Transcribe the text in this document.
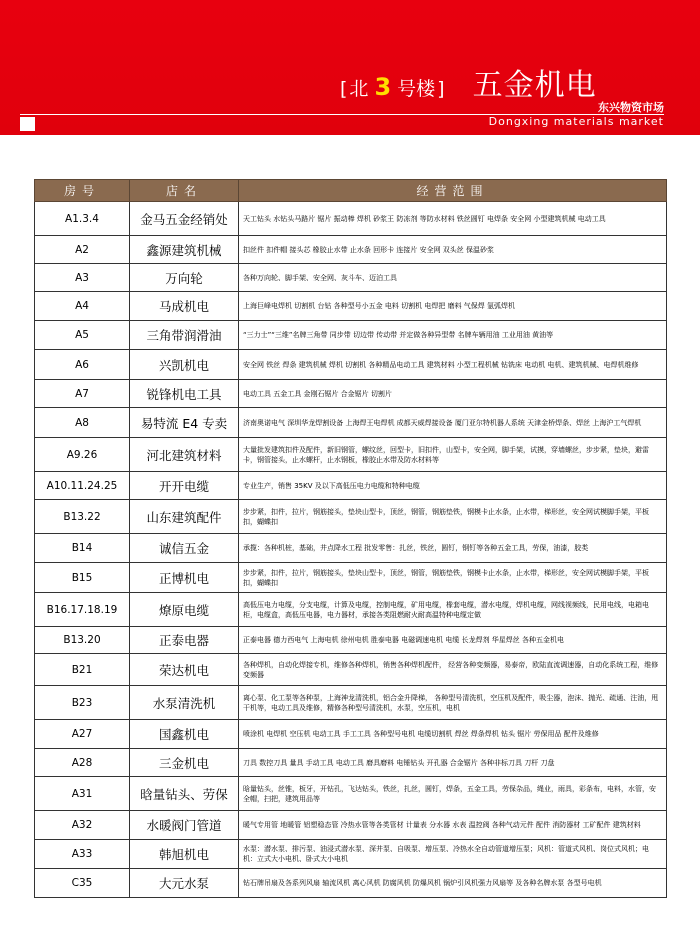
[ 北 3 号楼 ] 五金机电
东兴物资市场
Dongxing materials market
房号	店名	经营范围
A1.3.4	金马五金经销处	天工钻头 水钻头马路片 锯片 振动棒 焊机 砂浆王 防冻剂 等防水材料 铁丝圆钉 电焊条 安全网 小型建筑机械 电动工具
A2	鑫源建筑机械	扣丝件 扣件帽 接头芯 橡胶止水带 止水条 回形卡 连接片 安全网 双头丝 保温砂浆
A3	万向轮	各种万向轮、脚手架、安全网、灰斗车、迈泊工具
A4	马成机电	上海巨峰电焊机 切割机 台钻 各种型号小五金 电料 切割机 电焊把 磨料 气保焊 氩弧焊机
A5	三角带润滑油	“三力士”“三维”名牌三角带 同步带 切边带 传动带 并定做各种异型带 名牌车辆用油 工业用油 黄油等
A6	兴凯机电	安全网 铁丝 焊条 建筑机械 焊机 切割机 各种精品电动工具 建筑材料 小型工程机械 钻铣床 电动机 电机、建筑机械、电焊机维修
A7	锐锋机电工具	电动工具 五金工具 金刚石锯片 合金锯片 切割片
A8	易特流 E4 专卖	济南奥诺电气 深圳华龙焊割设备 上海焊王电焊机 成都天威焊接设备 厦门亚尔特机器人系统 天津金桥焊条、焊丝 上海沪工气焊机
A9.26	河北建筑材料	大量批发建筑扣件及配件，新旧钢管，螺纹丝，回型卡，旧扣件，山型卡，安全网，脚手架，试摸，穿墙螺丝，步步紧，垫块，避雷卡，钢管接头，止水螺杆，止水钢板，橡胶止水带及防水材料等
A10.11.24.25	开开电缆	专业生产，销售 35KV 及以下高低压电力电缆和特种电缆
B13.22	山东建筑配件	步步紧，扣件，拉片，钢筋接头，垫块山型卡，顶丝，钢管，钢筋垫铁，钢模卡止水条，止水带，梯形丝，安全网试模脚手架，平板扣，蝴蝶扣
B14	诚信五金	承揽：各种机桩，基础，井点降水工程 批发零售：扎丝，铁丝，圆钉，钢钉等各种五金工具，劳保，油漆，胶类
B15	正博机电	步步紧，扣件，拉片，钢筋接头，垫块山型卡，顶丝，钢管，钢筋垫铁，钢模卡止水条，止水带，梯形丝，安全网试模脚手架，平板扣，蝴蝶扣
B16.17.18.19	燎原电缆	高低压电力电缆，分支电缆，计算及电缆，控制电缆，矿用电缆，橡套电缆，潜水电缆，焊机电缆，网线视频线，民用电线，电箱电柜，电缆盒，高低压电器，电力器材，承接各类阻燃耐火耐高温特种电缆定做
B13.20	正泰电器	正泰电器 德力西电气 上海电机 徐州电机 胜泰电器 电磁调速电机 电缆 长龙焊剂 华星焊丝 各种五金机电
B21	荣达机电	各种焊机，自动化焊接专机，维修各种焊机，销售各种焊机配件， 经营各种变频器，易泰帝，欧陆直流调速器，自动化系统工程，维修变频器
B23	水泵清洗机	离心泵、化工泵等各种泵，上海神龙清洗机，铝合金升降梯， 各种型号清洗机，空压机及配件，吸尘器，泡沫、抛光、疏通、注油，甩干机等，电动工具及维修，精修各种型号清洗机，水泵，空压机，电机
A27	国鑫机电	喷涂机 电焊机 空压机 电动工具 手工工具 各种型号电机 电缆切割机 焊丝 焊条焊机 钻头 锯片 劳保用品 配件及维修
A28	三金机电	刀具 数控刀具 量具 手动工具 电动工具 磨具磨料 电锤钻头 开孔器 合金锯片 各种非标刀具 刀杆 刀盘
A31	晗量钻头、劳保	晗量钻头，丝锥，板牙，开钻孔，飞达钻头，铁丝，扎丝，圆钉，焊条，五金工具，劳保杂品，绳业，雨具，彩条布，电料，水管，安全帽，扫把，建筑用品等
A32	水暖阀门管道	暖气专用管 地暖管 铝塑稳态管 冷热水管等各类管材 计量表 分水器 水表 温控阀 各种气动元件 配件 消防器材 工矿配件 建筑材料
A33	韩旭机电	水泵：潜水泵、排污泵、油浸式潜水泵、深井泵、自吸泵、增压泵、冷热水全自动管道增压泵；风机：管道式风机、岗位式风机；电机：立式大小电机、卧式大小电机
C35	大元水泵	钻石牌吊扇及各系列风扇 轴流风机 离心风机 防腐风机 防爆风机 锅炉引风机强力风扇等 及各种名牌水泵 各型号电机
